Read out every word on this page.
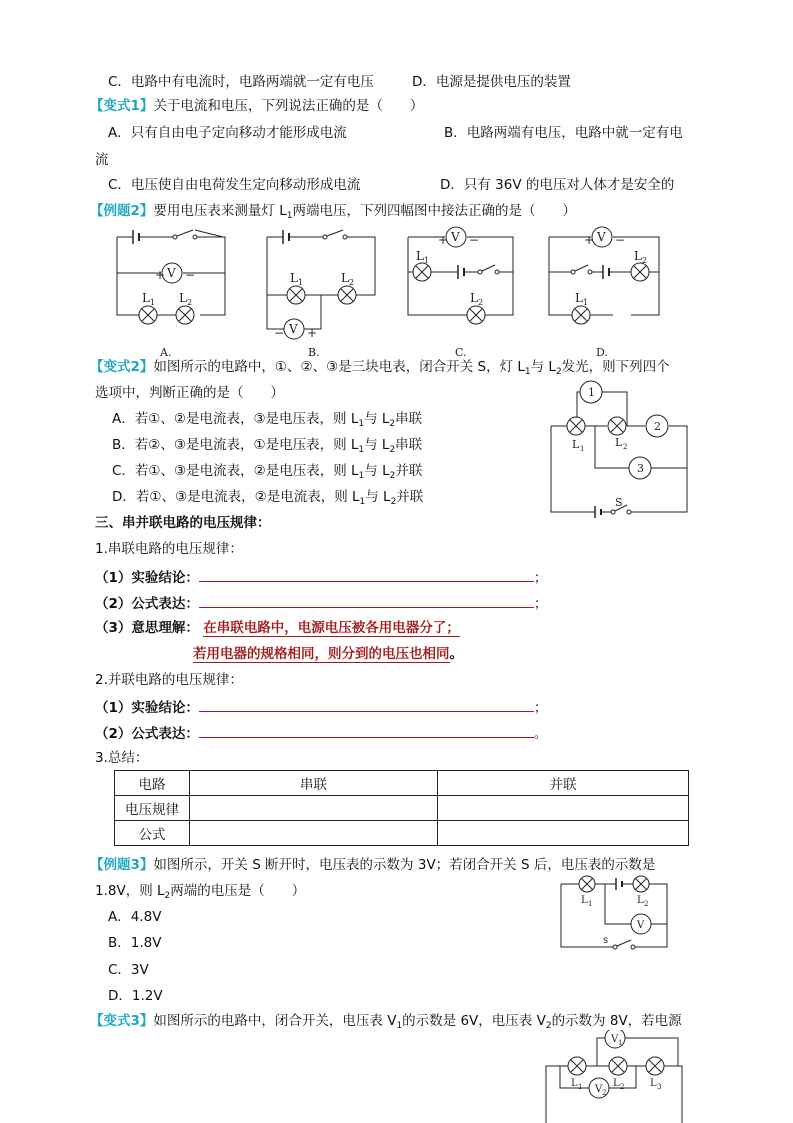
C．电路中有电流时，电路两端就一定有电压	D．电源是提供电压的装置
【变式1】关于电流和电压，下列说法正确的是（　　）
A．只有自由电子定向移动才能形成电流	B．电路两端有电压，电路中就一定有电
流
C．电压使自由电荷发生定向移动形成电流	D．只有 36V 的电压对人体才是安全的
【例题2】要用电压表来测量灯 $L_1$两端电压，下列四幅图中接法正确的是（　　）
V
+ −
L 1 L 2
L 1	L 2
V
− +
V
+ −
L 1
L 2
V
+ −
L 2
L 1
A.	B.	C.	D.
【变式2】如图所示的电路中，①、②、③是三块电表，闭合开关 S，灯 $L_1$与 $L_2$发光，则下列四个
选项中，判断正确的是（　　）
A．若①、②是电流表，③是电压表，则 $L_1$与 $L_2$串联
B．若②、③是电流表，①是电压表，则 $L_1$与 $L_2$串联
C．若①、③是电流表，②是电压表，则 $L_1$与 $L_2$并联
D．若①、③是电流表，②是电流表，则 $L_1$与 $L_2$并联
1
2
3
L 1	L 2
S
三、串并联电路的电压规律：
1.串联电路的电压规律：
（1）实验结论：	；
（2）公式表达：	；
（3）意思理解： 在串联电路中，电源电压被各用电器分了；
若用电器的规格相同，则分到的电压也相同。
2.并联电路的电压规律：
（1）实验结论：	；
（2）公式表达：	。
3.总结：
电路	串联	并联
电压规律		
公式		
【例题3】如图所示，开关 S 断开时，电压表的示数为 3V；若闭合开关 S 后，电压表的示数是
1.8V，则 $L_2$两端的电压是（　　）
A．4.8V
B．1.8V
C．3V
D．1.2V
L 1	L 2
V
s
【变式3】如图所示的电路中，闭合开关，电压表 $V_1$的示数是 6V，电压表 $V_2$的示数为 8V，若电源
V 1
V 2
L 1	L 2	L 3
